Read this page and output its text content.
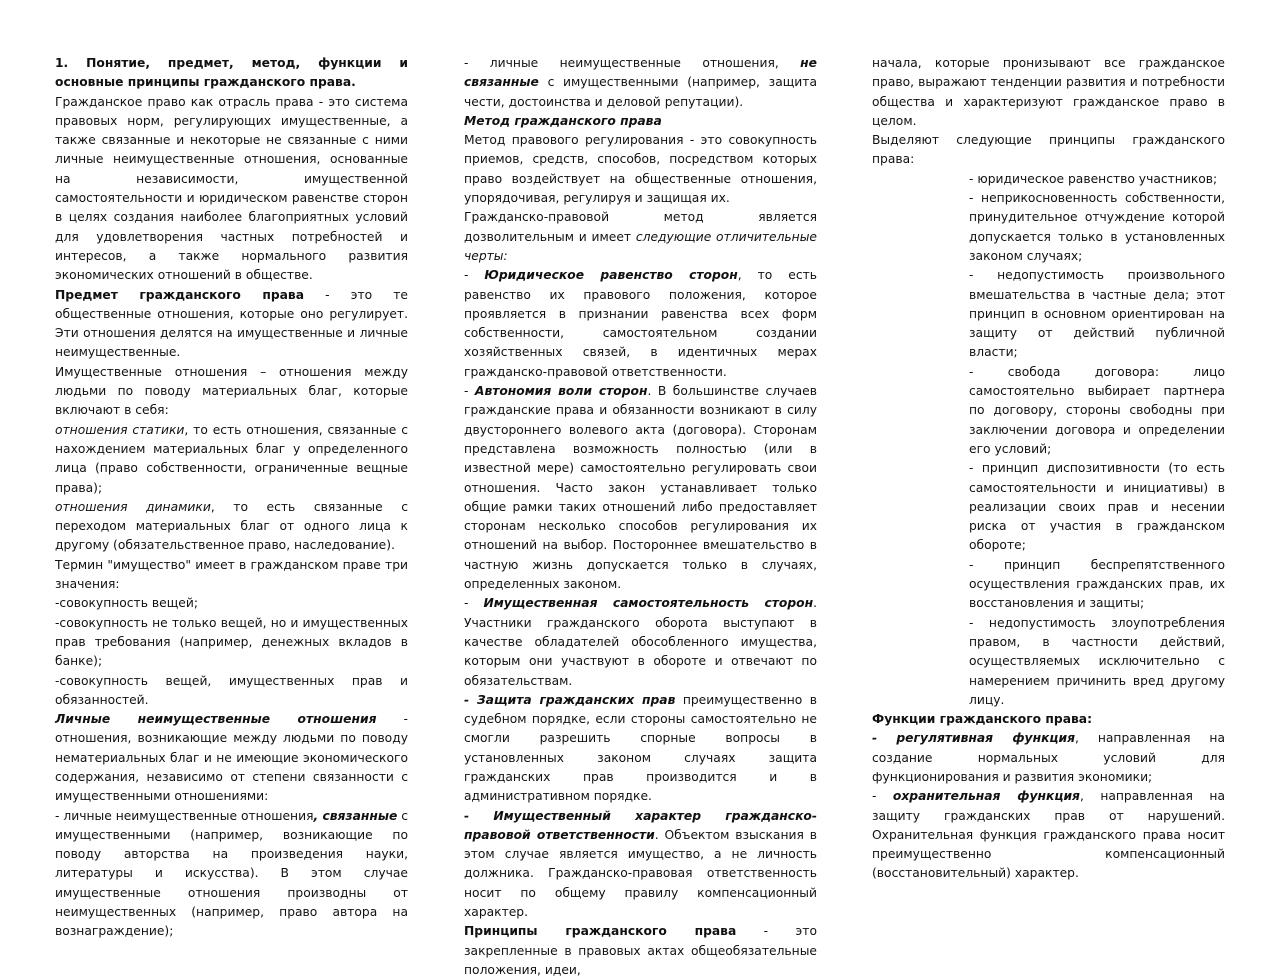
1. Понятие, предмет, метод, функции и основные принципы гражданского права.

Гражданское право как отрасль права - это система правовых норм, регулирующих имущественные, а также связанные и некоторые не связанные с ними личные неимущественные отношения, основанные на независимости, имущественной самостоятельности и юридическом равенстве сторон в целях создания наиболее благоприятных условий для удовлетворения частных потребностей и интересов, а также нормального развития экономических отношений в обществе.

Предмет гражданского права - это те общественные отношения, которые оно регулирует. Эти отношения делятся на имущественные и личные неимущественные.

Имущественные отношения – отношения между людьми по поводу материальных благ, которые включают в себя:

отношения статики, то есть отношения, связанные с нахождением материальных благ у определенного лица (право собственности, ограниченные вещные права);

отношения динамики, то есть связанные с переходом материальных благ от одного лица к другому (обязательственное право, наследование).

Термин "имущество" имеет в гражданском праве три значения:

-совокупность вещей;

-совокупность не только вещей, но и имущественных прав требования (например, денежных вкладов в банке);

-совокупность вещей, имущественных прав и обязанностей.

Личные неимущественные отношения - отношения, возникающие между людьми по поводу нематериальных благ и не имеющие экономического содержания, независимо от степени связанности с имущественными отношениями:

- личные неимущественные отношения, связанные с имущественными (например, возникающие по поводу авторства на произведения науки, литературы и искусства). В этом случае имущественные отношения производны от неимущественных (например, право автора на вознаграждение);

- личные неимущественные отношения, не связанные с имущественными (например, защита чести, достоинства и деловой репутации).

Метод гражданского права

Метод правового регулирования - это совокупность приемов, средств, способов, посредством которых право воздействует на общественные отношения, упорядочивая, регулируя и защищая их.

Гражданско-правовой метод является дозволительным и имеет следующие отличительные черты:

- Юридическое равенство сторон, то есть равенство их правового положения, которое проявляется в признании равенства всех форм собственности, самостоятельном создании хозяйственных связей, в идентичных мерах гражданско-правовой ответственности.

- Автономия воли сторон. В большинстве случаев гражданские права и обязанности возникают в силу двустороннего волевого акта (договора). Сторонам представлена возможность полностью (или в известной мере) самостоятельно регулировать свои отношения. Часто закон устанавливает только общие рамки таких отношений либо предоставляет сторонам несколько способов регулирования их отношений на выбор. Постороннее вмешательство в частную жизнь допускается только в случаях, определенных законом.

- Имущественная самостоятельность сторон. Участники гражданского оборота выступают в качестве обладателей обособленного имущества, которым они участвуют в обороте и отвечают по обязательствам.

- Защита гражданских прав преимущественно в судебном порядке, если стороны самостоятельно не смогли разрешить спорные вопросы в установленных законом случаях защита гражданских прав производится и в административном порядке.

- Имущественный характер гражданско-правовой ответственности. Объектом взыскания в этом случае является имущество, а не личность должника. Гражданско-правовая ответственность носит по общему правилу компенсационный характер.

Принципы гражданского права - это закрепленные в правовых актах общеобязательные положения, идеи,

начала, которые пронизывают все гражданское право, выражают тенденции развития и потребности общества и характеризуют гражданское право в целом.

Выделяют следующие принципы гражданского права:

- юридическое равенство участников;

- неприкосновенность собственности, принудительное отчуждение которой допускается только в установленных законом случаях;

- недопустимость произвольного вмешательства в частные дела; этот принцип в основном ориентирован на защиту от действий публичной власти;

- свобода договора: лицо самостоятельно выбирает партнера по договору, стороны свободны при заключении договора и определении его условий;

- принцип диспозитивности (то есть самостоятельности и инициативы) в реализации своих прав и несении риска от участия в гражданском обороте;

- принцип беспрепятственного осуществления гражданских прав, их восстановления и защиты;

- недопустимость злоупотребления правом, в частности действий, осуществляемых исключительно с намерением причинить вред другому лицу.

Функции гражданского права:

- регулятивная функция, направленная на создание нормальных условий для функционирования и развития экономики;

- охранительная функция, направленная на защиту гражданских прав от нарушений. Охранительная функция гражданского права носит преимущественно компенсационный (восстановительный) характер.
